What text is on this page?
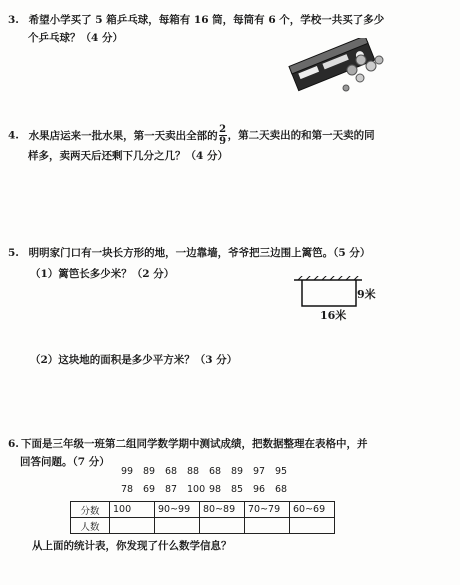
3. 希望小学买了 5 箱乒乓球，每箱有 16 筒，每筒有 6 个，学校一共买了多少
个乒乓球？（4 分）
4. 水果店运来一批水果，第一天卖出全部的 $\frac{2}{9}$ ，第二天卖出的和第一天卖的同
样多，卖两天后还剩下几分之几？（4 分）
5. 明明家门口有一块长方形的地，一边靠墙，爷爷把三边围上篱笆。（5 分）
（1）篱笆长多少米？（2 分）
9米
16米
（2）这块地的面积是多少平方米？（3 分）
6. 下面是三年级一班第二组同学数学期中测试成绩，把数据整理在表格中，并
回答问题。（7 分）
99 89 68 88 68 89 97 95
78 69 87 100 98 85 96 68
分数	100	90~99	80~89	70~79	60~69
人数					
从上面的统计表，你发现了什么数学信息？
